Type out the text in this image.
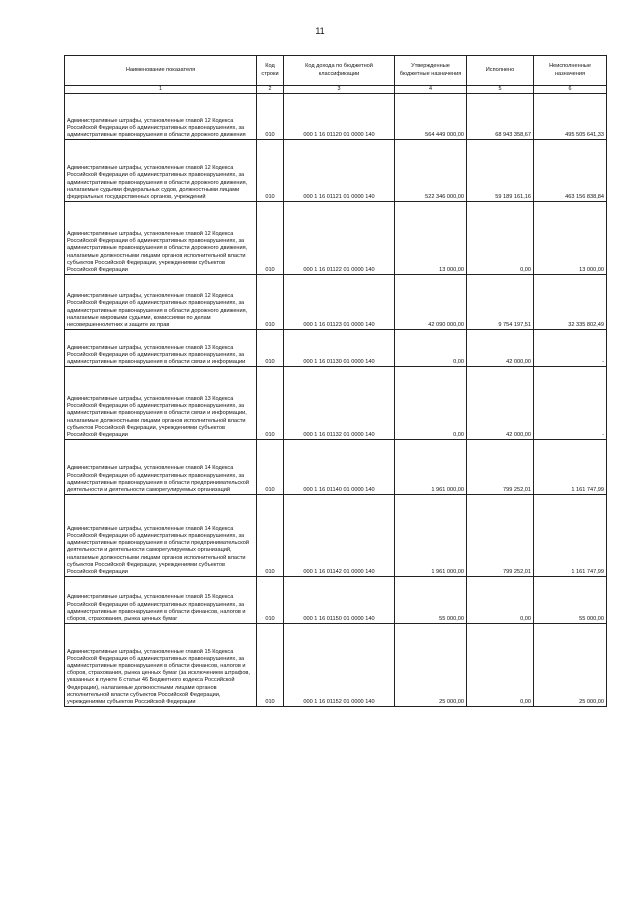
11
Наименование показателя	Код строки	Код дохода по бюджетной классификации	Утвержденные бюджетные назначения	Исполнено	Неисполненные назначения
1	2	3	4	5	6
Административные штрафы, установленные главой 12 Кодекса Российской Федерации об административных правонарушениях, за административные правонарушения в области дорожного движения	010	000 1 16 01120 01 0000 140	564 449 000,00	68 943 358,67	495 505 641,33
Административные штрафы, установленные главой 12 Кодекса Российской Федерации об административных правонарушениях, за административные правонарушения в области дорожного движения, налагаемые судьями федеральных судов, должностными лицами федеральных государственных органов, учреждений	010	000 1 16 01121 01 0000 140	522 346 000,00	59 189 161,16	463 156 838,84
Административные штрафы, установленные главой 12 Кодекса Российской Федерации об административных правонарушениях, за административные правонарушения в области дорожного движения, налагаемые должностными лицами органов исполнительной власти субъектов Российской Федерации, учреждениями субъектов Российской Федерации	010	000 1 16 01122 01 0000 140	13 000,00	0,00	13 000,00
Административные штрафы, установленные главой 12 Кодекса Российской Федерации об административных правонарушениях, за административные правонарушения в области дорожного движения, налагаемые мировыми судьями, комиссиями по делам несовершеннолетних и защите их прав	010	000 1 16 01123 01 0000 140	42 090 000,00	9 754 197,51	32 335 802,49
Административные штрафы, установленные главой 13 Кодекса Российской Федерации об административных правонарушениях, за административные правонарушения в области связи и информации	010	000 1 16 01130 01 0000 140	0,00	42 000,00	-
Административные штрафы, установленные главой 13 Кодекса Российской Федерации об административных правонарушениях, за административные правонарушения в области связи и информации, налагаемые должностными лицами органов исполнительной власти субъектов Российской Федерации, учреждениями субъектов Российской Федерации	010	000 1 16 01132 01 0000 140	0,00	42 000,00	-
Административные штрафы, установленные главой 14 Кодекса Российской Федерации об административных правонарушениях, за административные правонарушения в области предпринимательской деятельности и деятельности саморегулируемых организаций	010	000 1 16 01140 01 0000 140	1 961 000,00	799 252,01	1 161 747,99
Административные штрафы, установленные главой 14 Кодекса Российской Федерации об административных правонарушениях, за административные правонарушения в области предпринимательской деятельности и деятельности саморегулируемых организаций, налагаемые должностными лицами органов исполнительной власти субъектов Российской Федерации, учреждениями субъектов Российской Федерации	010	000 1 16 01142 01 0000 140	1 961 000,00	799 252,01	1 161 747,99
Административные штрафы, установленные главой 15 Кодекса Российской Федерации об административных правонарушениях, за административные правонарушения в области финансов, налогов и сборов, страхования, рынка ценных бумаг	010	000 1 16 01150 01 0000 140	55 000,00	0,00	55 000,00
Административные штрафы, установленные главой 15 Кодекса Российской Федерации об административных правонарушениях, за административные правонарушения в области финансов, налогов и сборов, страхования, рынка ценных бумаг (за исключением штрафов, указанных в пункте 6 статьи 46 Бюджетного кодекса Российской Федерации), налагаемые должностными лицами органов исполнительной власти субъектов Российской Федерации, учреждениями субъектов Российской Федерации	010	000 1 16 01152 01 0000 140	25 000,00	0,00	25 000,00
